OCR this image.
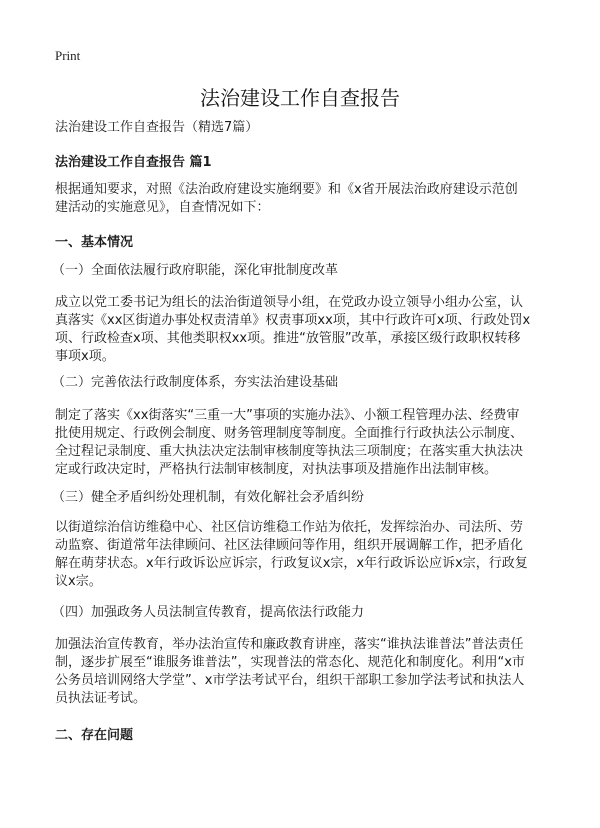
Print
法治建设工作自查报告
法治建设工作自查报告（精选7篇）
法治建设工作自查报告 篇1
根据通知要求，对照《法治政府建设实施纲要》和《x省开展法治政府建设示范创
建活动的实施意见》，自查情况如下：
一、基本情况
（一）全面依法履行政府职能，深化审批制度改革
成立以党工委书记为组长的法治街道领导小组，在党政办设立领导小组办公室，认
真落实《xx区街道办事处权责清单》权责事项xx项，其中行政许可x项、行政处罚x
项、行政检查x项、其他类职权xx项。推进“放管服”改革，承接区级行政职权转移
事项x项。
（二）完善依法行政制度体系，夯实法治建设基础
制定了落实《xx街落实“三重一大”事项的实施办法》、小额工程管理办法、经费审
批使用规定、行政例会制度、财务管理制度等制度。全面推行行政执法公示制度、
全过程记录制度、重大执法决定法制审核制度等执法三项制度；在落实重大执法决
定或行政决定时，严格执行法制审核制度，对执法事项及措施作出法制审核。
（三）健全矛盾纠纷处理机制，有效化解社会矛盾纠纷
以街道综治信访维稳中心、社区信访维稳工作站为依托，发挥综治办、司法所、劳
动监察、街道常年法律顾问、社区法律顾问等作用，组织开展调解工作，把矛盾化
解在萌芽状态。x年行政诉讼应诉宗，行政复议x宗，x年行政诉讼应诉x宗，行政复
议x宗。
（四）加强政务人员法制宣传教育，提高依法行政能力
加强法治宣传教育，举办法治宣传和廉政教育讲座，落实“谁执法谁普法”普法责任
制，逐步扩展至“谁服务谁普法”，实现普法的常态化、规范化和制度化。利用“x市
公务员培训网络大学堂”、x市学法考试平台，组织干部职工参加学法考试和执法人
员执法证考试。
二、存在问题
